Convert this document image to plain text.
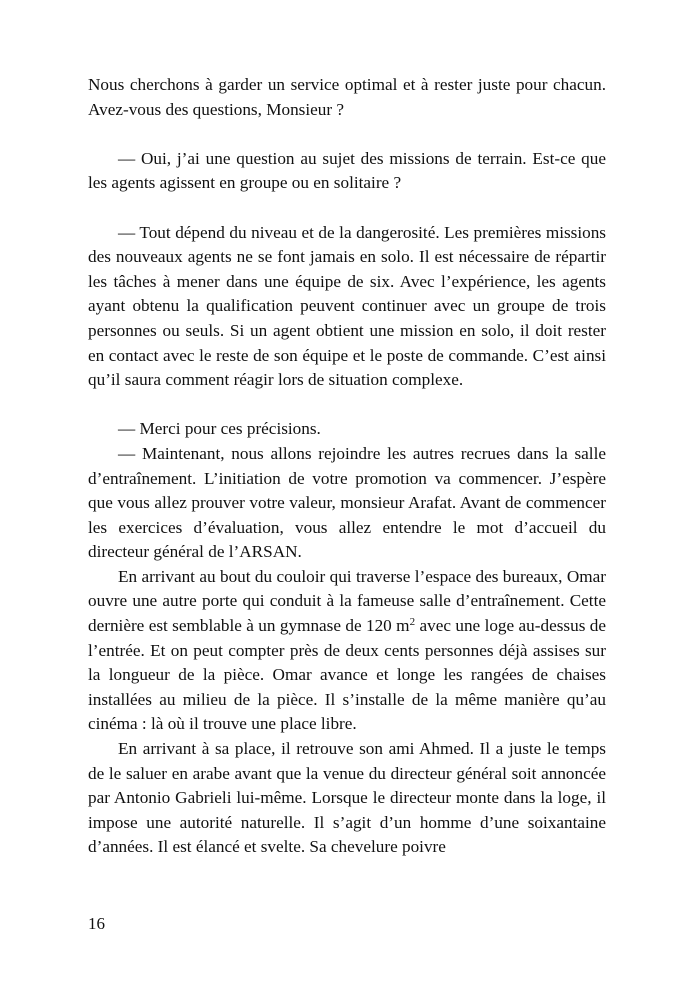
Nous cherchons à garder un service optimal et à rester juste pour chacun. Avez-vous des questions, Monsieur ?

— Oui, j’ai une question au sujet des missions de terrain. Est-ce que les agents agissent en groupe ou en solitaire ?

— Tout dépend du niveau et de la dangerosité. Les premières missions des nouveaux agents ne se font jamais en solo. Il est nécessaire de répartir les tâches à mener dans une équipe de six. Avec l’expérience, les agents ayant obtenu la qualification peuvent continuer avec un groupe de trois personnes ou seuls. Si un agent obtient une mission en solo, il doit rester en contact avec le reste de son équipe et le poste de commande. C’est ainsi qu’il saura comment réagir lors de situation complexe.

— Merci pour ces précisions.

— Maintenant, nous allons rejoindre les autres recrues dans la salle d’entraînement. L’initiation de votre promotion va commencer. J’espère que vous allez prouver votre valeur, monsieur Arafat. Avant de commencer les exercices d’évaluation, vous allez entendre le mot d’accueil du directeur général de l’ARSAN.

En arrivant au bout du couloir qui traverse l’espace des bureaux, Omar ouvre une autre porte qui conduit à la fameuse salle d’entraînement. Cette dernière est semblable à un gymnase de 120 $m^2$ avec une loge au-dessus de l’entrée. Et on peut compter près de deux cents personnes déjà assises sur la longueur de la pièce. Omar avance et longe les rangées de chaises installées au milieu de la pièce. Il s’installe de la même manière qu’au cinéma : là où il trouve une place libre.

En arrivant à sa place, il retrouve son ami Ahmed. Il a juste le temps de le saluer en arabe avant que la venue du directeur général soit annoncée par Antonio Gabrieli lui-même. Lorsque le directeur monte dans la loge, il impose une autorité naturelle. Il s’agit d’un homme d’une soixantaine d’années. Il est élancé et svelte. Sa chevelure poivre

16
